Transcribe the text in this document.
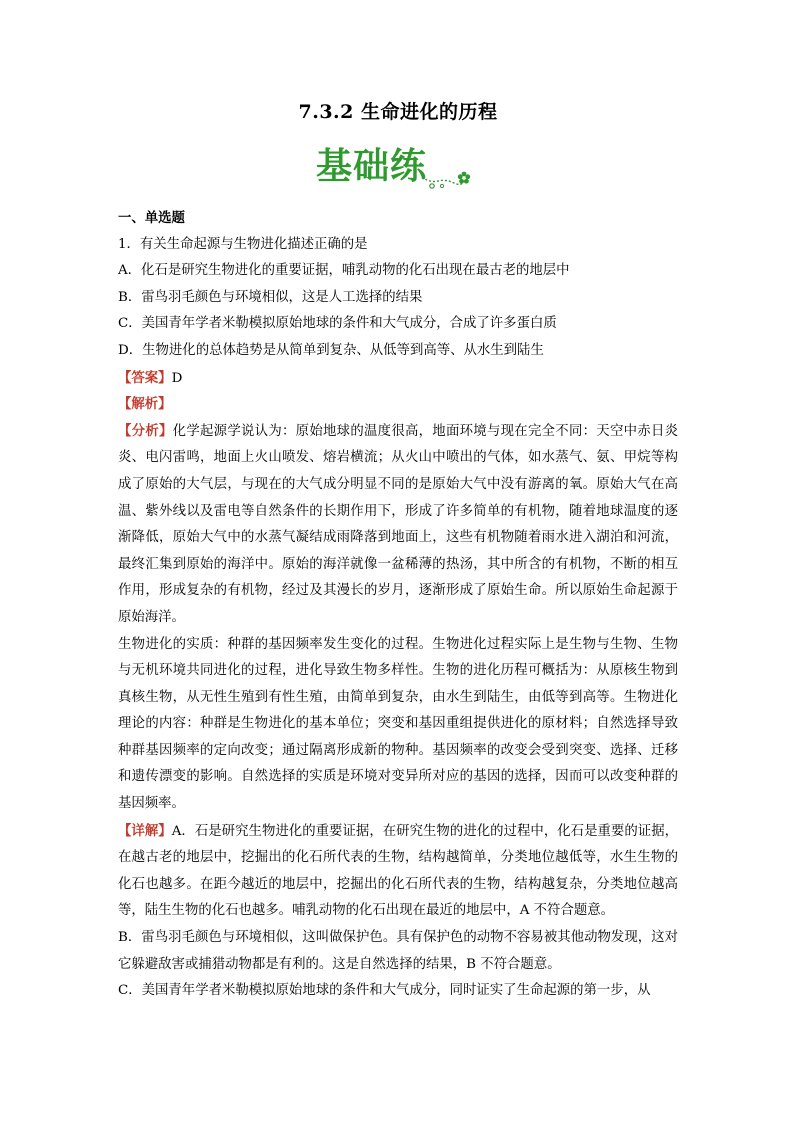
7.3.2 生命进化的历程
基础练
一、单选题
1．有关生命起源与生物进化描述正确的是
A．化石是研究生物进化的重要证据，哺乳动物的化石出现在最古老的地层中
B．雷鸟羽毛颜色与环境相似，这是人工选择的结果
C．美国青年学者米勒模拟原始地球的条件和大气成分，合成了许多蛋白质
D．生物进化的总体趋势是从简单到复杂、从低等到高等、从水生到陆生
【答案】D
【解析】
【分析】化学起源学说认为：原始地球的温度很高，地面环境与现在完全不同：天空中赤日炎炎、电闪雷鸣，地面上火山喷发、熔岩横流；从火山中喷出的气体，如水蒸气、氨、甲烷等构成了原始的大气层，与现在的大气成分明显不同的是原始大气中没有游离的氧。原始大气在高温、紫外线以及雷电等自然条件的长期作用下，形成了许多简单的有机物，随着地球温度的逐渐降低，原始大气中的水蒸气凝结成雨降落到地面上，这些有机物随着雨水进入湖泊和河流，最终汇集到原始的海洋中。原始的海洋就像一盆稀薄的热汤，其中所含的有机物，不断的相互作用，形成复杂的有机物，经过及其漫长的岁月，逐渐形成了原始生命。所以原始生命起源于原始海洋。
生物进化的实质：种群的基因频率发生变化的过程。生物进化过程实际上是生物与生物、生物与无机环境共同进化的过程，进化导致生物多样性。生物的进化历程可概括为：从原核生物到真核生物，从无性生殖到有性生殖，由简单到复杂，由水生到陆生，由低等到高等。生物进化理论的内容：种群是生物进化的基本单位；突变和基因重组提供进化的原材料；自然选择导致种群基因频率的定向改变；通过隔离形成新的物种。基因频率的改变会受到突变、选择、迁移和遗传漂变的影响。自然选择的实质是环境对变异所对应的基因的选择，因而可以改变种群的基因频率。
【详解】A．石是研究生物进化的重要证据，在研究生物的进化的过程中，化石是重要的证据，在越古老的地层中，挖掘出的化石所代表的生物，结构越简单，分类地位越低等，水生生物的化石也越多。在距今越近的地层中，挖掘出的化石所代表的生物，结构越复杂，分类地位越高等，陆生生物的化石也越多。哺乳动物的化石出现在最近的地层中，A 不符合题意。
B．雷鸟羽毛颜色与环境相似，这叫做保护色。具有保护色的动物不容易被其他动物发现，这对它躲避敌害或捕猎动物都是有利的。这是自然选择的结果，B 不符合题意。
C．美国青年学者米勒模拟原始地球的条件和大气成分，同时证实了生命起源的第一步，从
